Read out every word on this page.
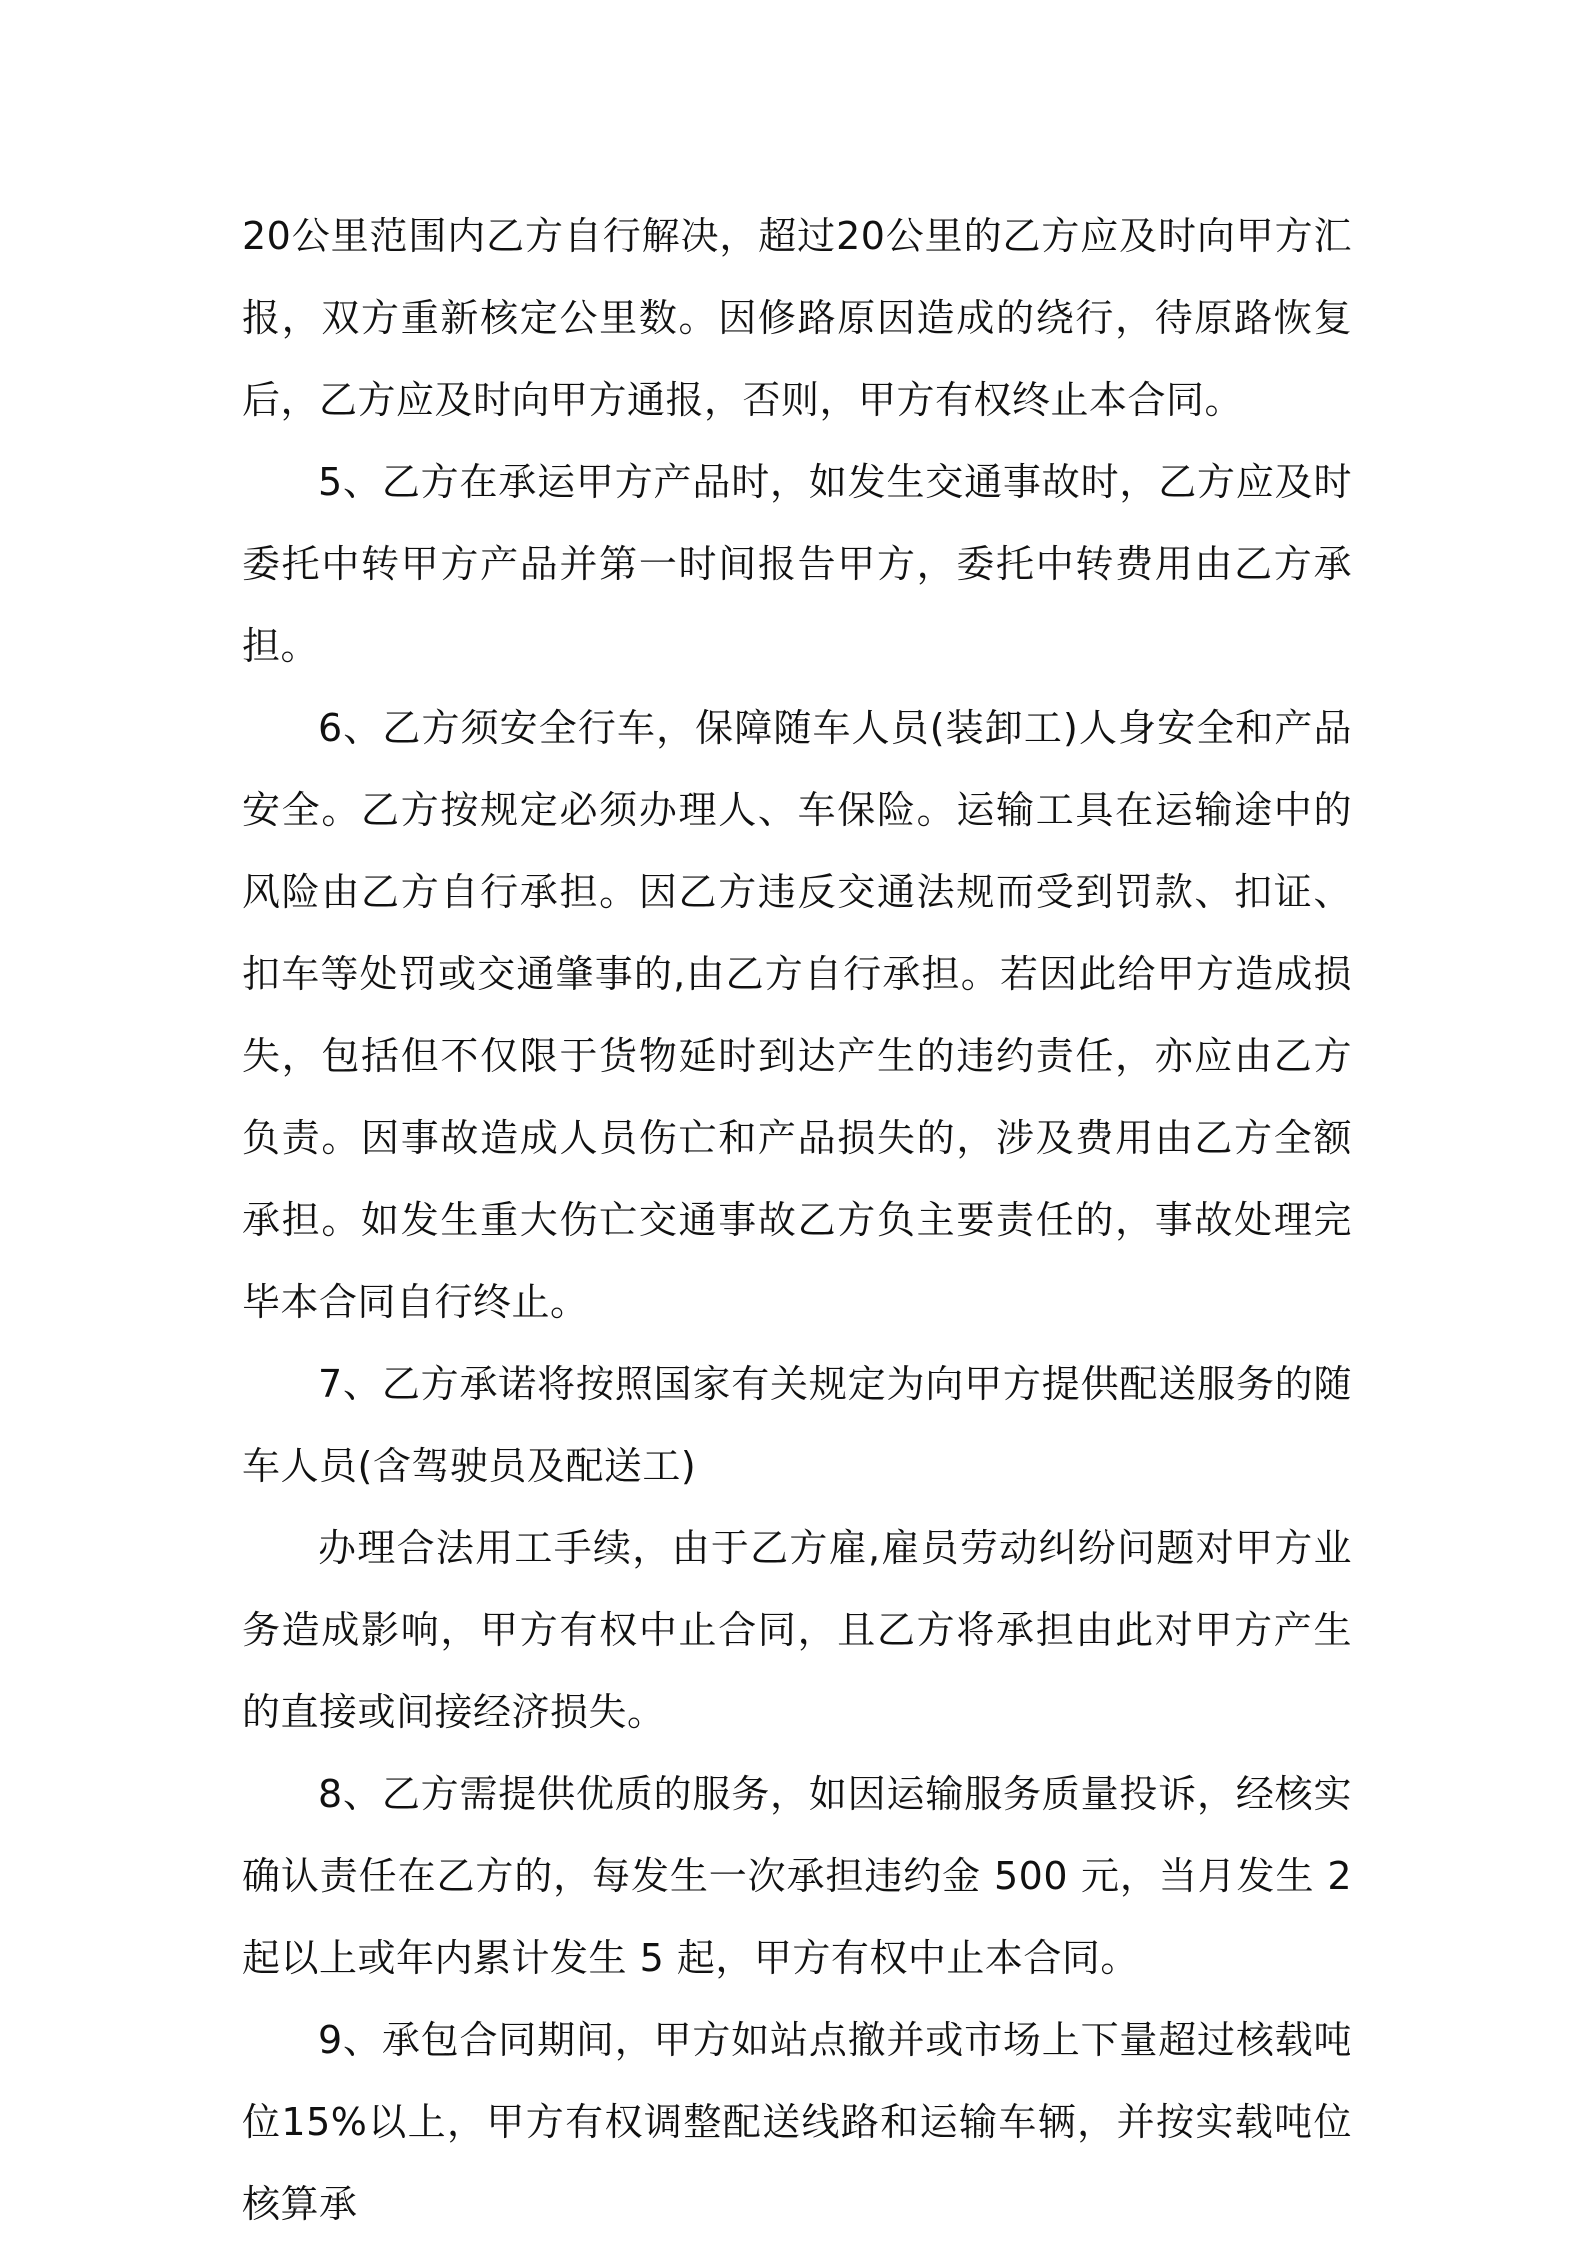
20公里范围内乙方自行解决，超过20公里的乙方应及时向甲方汇报，双方重新核定公里数。因修路原因造成的绕行，待原路恢复后，乙方应及时向甲方通报，否则，甲方有权终止本合同。

5、乙方在承运甲方产品时，如发生交通事故时，乙方应及时委托中转甲方产品并第一时间报告甲方，委托中转费用由乙方承担。

6、乙方须安全行车，保障随车人员(装卸工)人身安全和产品安全。乙方按规定必须办理人、车保险。运输工具在运输途中的风险由乙方自行承担。因乙方违反交通法规而受到罚款、扣证、扣车等处罚或交通肇事的,由乙方自行承担。若因此给甲方造成损失，包括但不仅限于货物延时到达产生的违约责任，亦应由乙方负责。因事故造成人员伤亡和产品损失的，涉及费用由乙方全额承担。如发生重大伤亡交通事故乙方负主要责任的，事故处理完毕本合同自行终止。

7、乙方承诺将按照国家有关规定为向甲方提供配送服务的随车人员(含驾驶员及配送工)

办理合法用工手续，由于乙方雇,雇员劳动纠纷问题对甲方业务造成影响，甲方有权中止合同，且乙方将承担由此对甲方产生的直接或间接经济损失。

8、乙方需提供优质的服务，如因运输服务质量投诉，经核实确认责任在乙方的，每发生一次承担违约金 500 元，当月发生 2 起以上或年内累计发生 5 起，甲方有权中止本合同。

9、承包合同期间，甲方如站点撤并或市场上下量超过核载吨位15%以上，甲方有权调整配送线路和运输车辆，并按实载吨位核算承
